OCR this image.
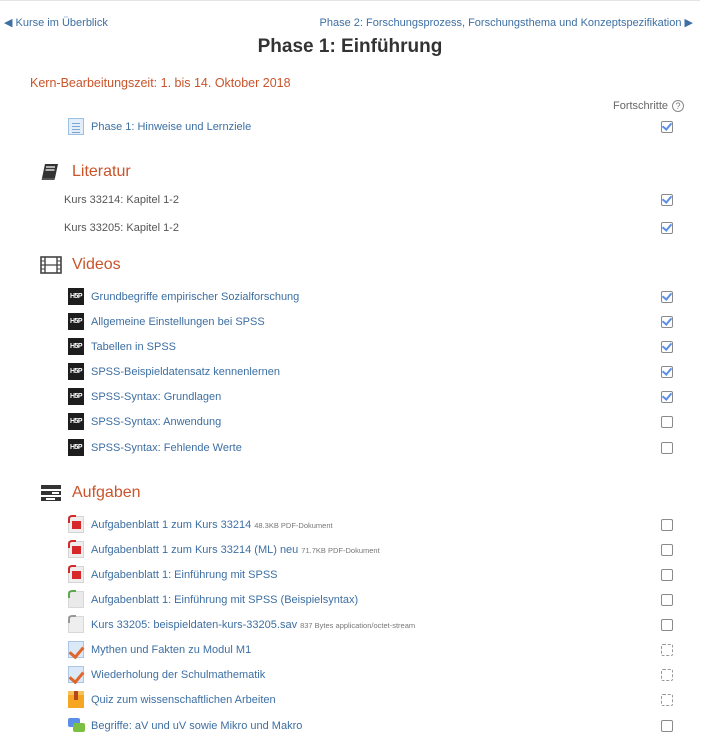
◀ Kurse im Überblick	Phase 2: Forschungsprozess, Forschungsthema und Konzeptspezifikation ▶
Phase 1: Einführung
Kern-Bearbeitungszeit: 1. bis 14. Oktober 2018
Fortschritte ?
Phase 1: Hinweise und Lernziele
Literatur
Kurs 33214: Kapitel 1-2
Kurs 33205: Kapitel 1-2
Videos
H5P Grundbegriffe empirischer Sozialforschung
H5P Allgemeine Einstellungen bei SPSS
H5P Tabellen in SPSS
H5P SPSS-Beispieldatensatz kennenlernen
H5P SPSS-Syntax: Grundlagen
H5P SPSS-Syntax: Anwendung
H5P SPSS-Syntax: Fehlende Werte
Aufgaben
Aufgabenblatt 1 zum Kurs 33214 48.3KB PDF-Dokument
Aufgabenblatt 1 zum Kurs 33214 (ML) neu 71.7KB PDF-Dokument
Aufgabenblatt 1: Einführung mit SPSS
Aufgabenblatt 1: Einführung mit SPSS (Beispielsyntax)
Kurs 33205: beispieldaten-kurs-33205.sav 837 Bytes application/octet-stream
Mythen und Fakten zu Modul M1
Wiederholung der Schulmathematik
Quiz zum wissenschaftlichen Arbeiten
Begriffe: aV und uV sowie Mikro und Makro
